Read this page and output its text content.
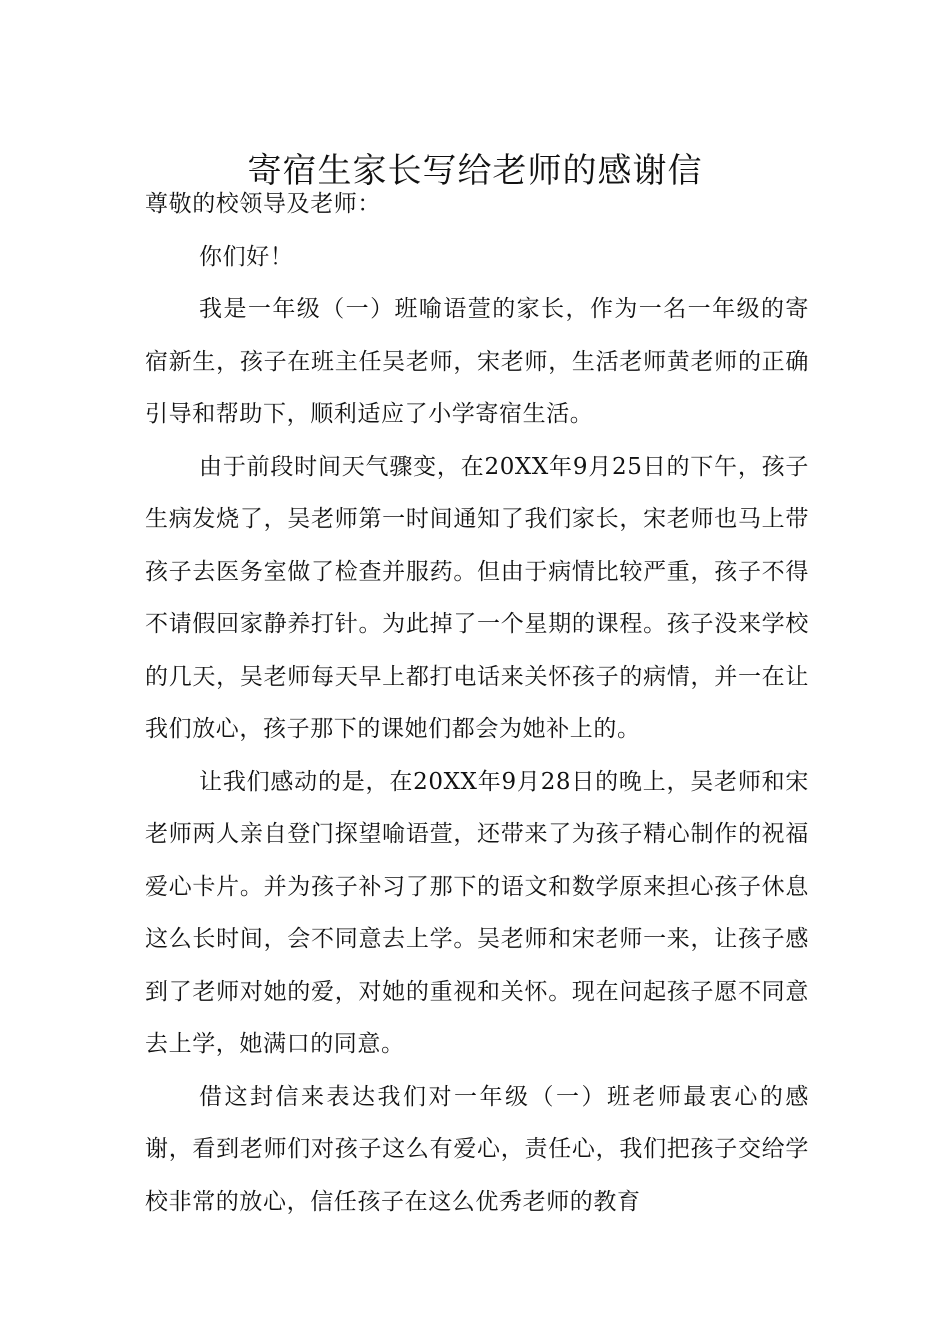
寄宿生家长写给老师的感谢信

尊敬的校领导及老师：

你们好！

我是一年级（一）班喻语萱的家长，作为一名一年级的寄宿新生，孩子在班主任吴老师，宋老师，生活老师黄老师的正确引导和帮助下，顺利适应了小学寄宿生活。

由于前段时间天气骤变，在20XX年9月25日的下午，孩子生病发烧了，吴老师第一时间通知了我们家长，宋老师也马上带孩子去医务室做了检查并服药。但由于病情比较严重，孩子不得不请假回家静养打针。为此掉了一个星期的课程。孩子没来学校的几天，吴老师每天早上都打电话来关怀孩子的病情，并一在让我们放心，孩子那下的课她们都会为她补上的。

让我们感动的是，在20XX年9月28日的晚上，吴老师和宋老师两人亲自登门探望喻语萱，还带来了为孩子精心制作的祝福爱心卡片。并为孩子补习了那下的语文和数学原来担心孩子休息这么长时间，会不同意去上学。吴老师和宋老师一来，让孩子感到了老师对她的爱，对她的重视和关怀。现在问起孩子愿不同意去上学，她满口的同意。

借这封信来表达我们对一年级（一）班老师最衷心的感谢，看到老师们对孩子这么有爱心，责任心，我们把孩子交给学校非常的放心，信任孩子在这么优秀老师的教育
